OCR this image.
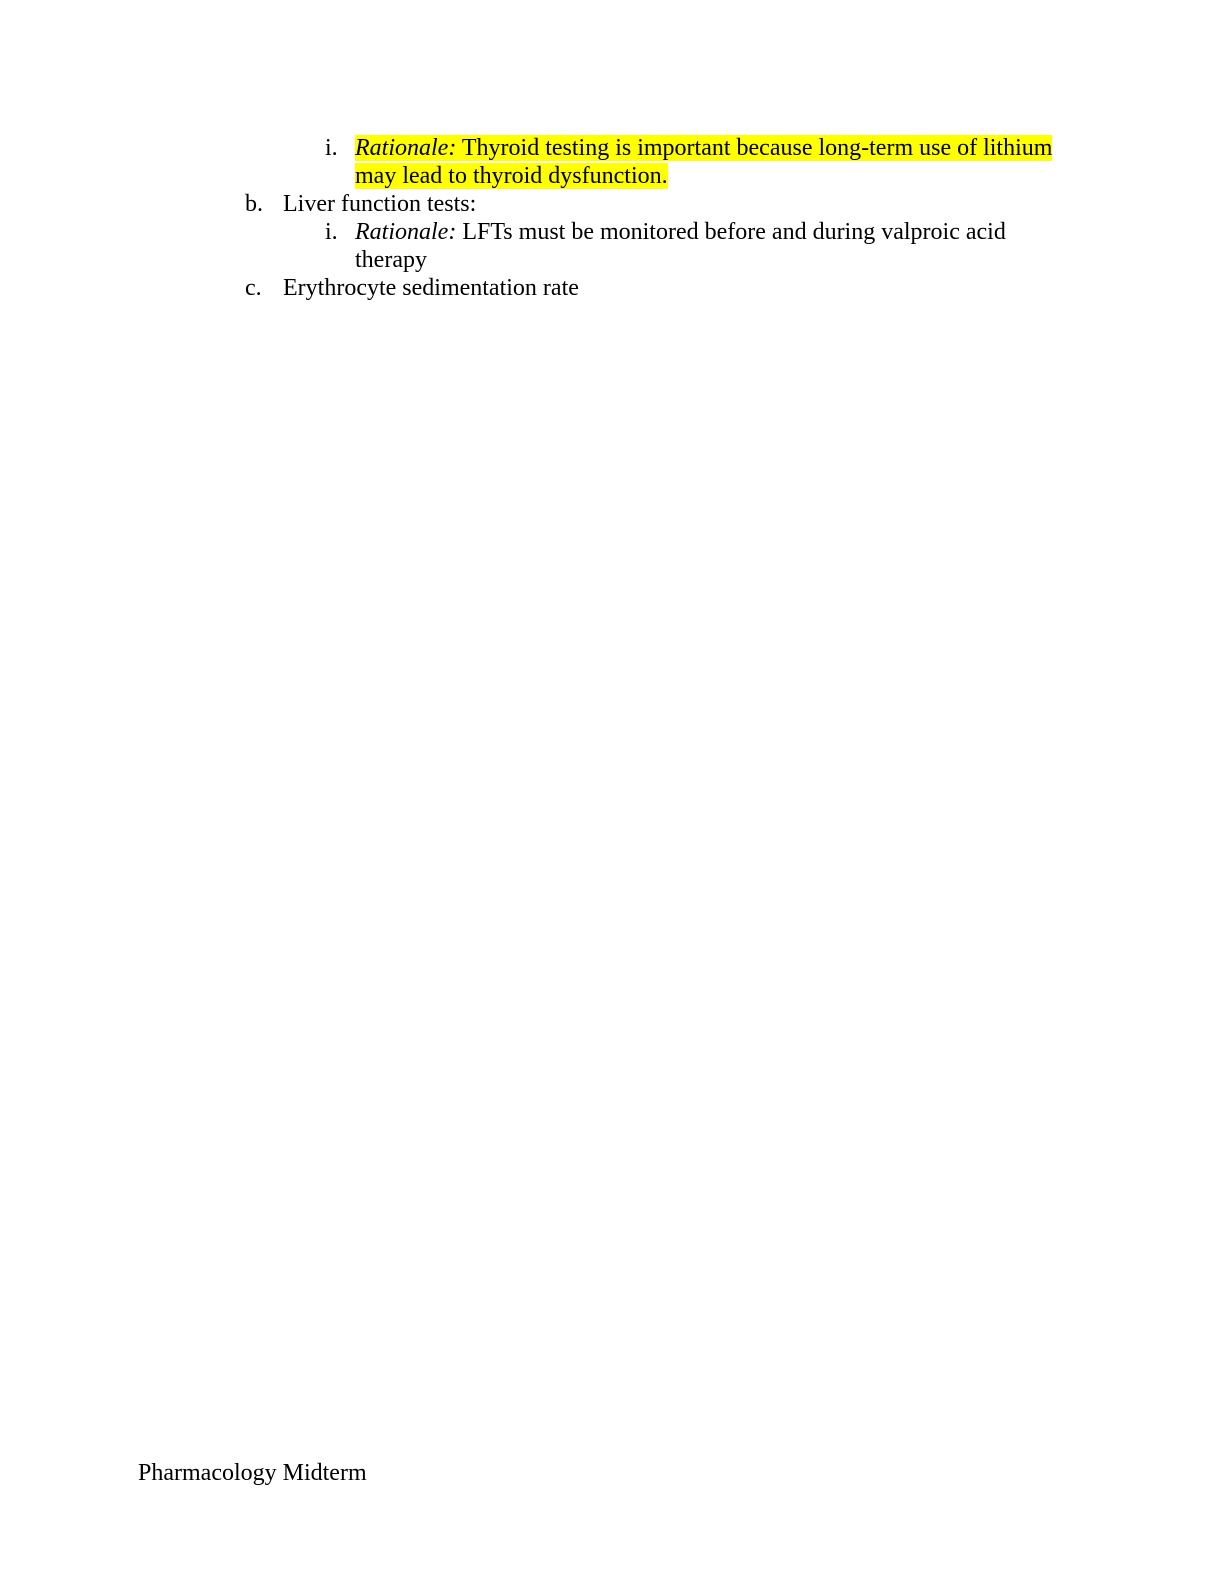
i. Rationale: Thyroid testing is important because long-term use of lithium may lead to thyroid dysfunction.
b. Liver function tests:
i. Rationale: LFTs must be monitored before and during valproic acid therapy
c. Erythrocyte sedimentation rate
Pharmacology Midterm
